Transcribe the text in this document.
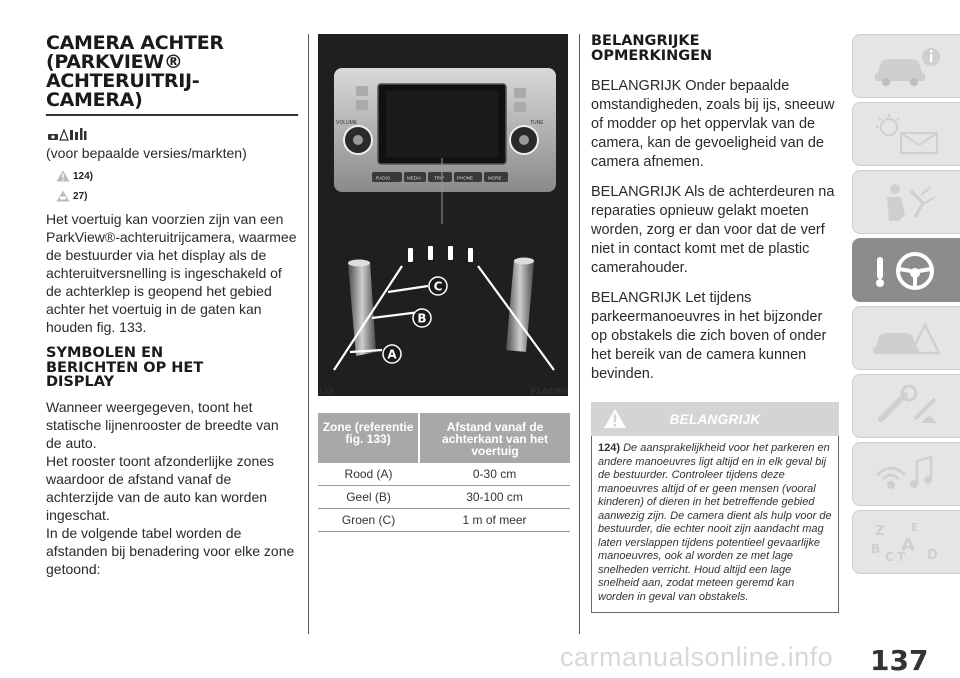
CAMERA ACHTER
(PARKVIEW®
ACHTERUITRIJ-
CAMERA)

(voor bepaalde versies/markten)

124)
27)

Het voertuig kan voorzien zijn van een ParkView®-achteruitrijcamera, waarmee de bestuurder via het display als de achteruitversnelling is ingeschakeld of de achterklep is geopend het gebied achter het voertuig in de gaten kan houden fig. 133.

SYMBOLEN EN
BERICHTEN OP HET
DISPLAY

Wanneer weergegeven, toont het statische lijnenrooster de breedte van de auto.

Het rooster toont afzonderlijke zones waardoor de afstand vanaf de achterzijde van de auto kan worden ingeschat.

In de volgende tabel worden de afstanden bij benadering voor elke zone getoond:

VOLUME	TUNE
RADIO	MEDIA	TRIP	PHONE	MORE
C
B
A
133	F1A0360
Zone (referentie fig. 133)	Afstand vanaf de achterkant van het voertuig
Rood (A)	0-30 cm
Geel (B)	30-100 cm
Groen (C)	1 m of meer
BELANGRIJKE
OPMERKINGEN

BELANGRIJK Onder bepaalde omstandigheden, zoals bij ijs, sneeuw of modder op het oppervlak van de camera, kan de gevoeligheid van de camera afnemen.

BELANGRIJK Als de achterdeuren na reparaties opnieuw gelakt moeten worden, zorg er dan voor dat de verf niet in contact komt met de plastic camerahouder.

BELANGRIJK Let tijdens parkeermanoeuvres in het bijzonder op obstakels die zich boven of onder het bereik van de camera kunnen bevinden.

BELANGRIJK
124) De aansprakelijkheid voor het parkeren en andere manoeuvres ligt altijd en in elk geval bij de bestuurder. Controleer tijdens deze manoeuvres altijd of er geen mensen (vooral kinderen) of dieren in het betreffende gebied aanwezig zijn. De camera dient als hulp voor de bestuurder, die echter nooit zijn aandacht mag laten verslappen tijdens potentieel gevaarlijke manoeuvres, ook al worden ze met lage snelheden verricht. Houd altijd een lage snelheid aan, zodat meteen geremd kan worden in geval van obstakels.
Z E
A
B
C T D
carmanualsonline.info 137
